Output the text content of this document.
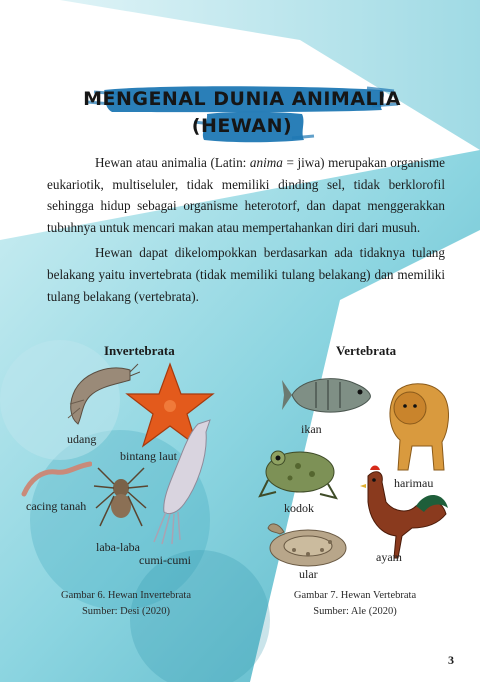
MENGENAL DUNIA ANIMALIA
(HEWAN)

Hewan atau animalia (Latin: anima = jiwa) merupakan organisme eukariotik, multiseluler, tidak memiliki dinding sel, tidak berklorofil sehingga hidup sebagai organisme heterotorf, dan dapat menggerakkan tubuhnya untuk mencari makan atau mempertahankan diri dari musuh.

Hewan dapat dikelompokkan berdasarkan ada tidaknya tulang belakang yaitu invertebrata (tidak memiliki tulang belakang) dan memiliki tulang belakang (vertebrata).

Invertebrata	Vertebrata
udang
bintang laut
cacing tanah
laba-laba
cumi-cumi
ikan
harimau
kodok
ayam
ular
Gambar 6. Hewan Invertebrata
Sumber: Desi (2020)
Gambar 7. Hewan Vertebrata
Sumber: Ale (2020)
3
